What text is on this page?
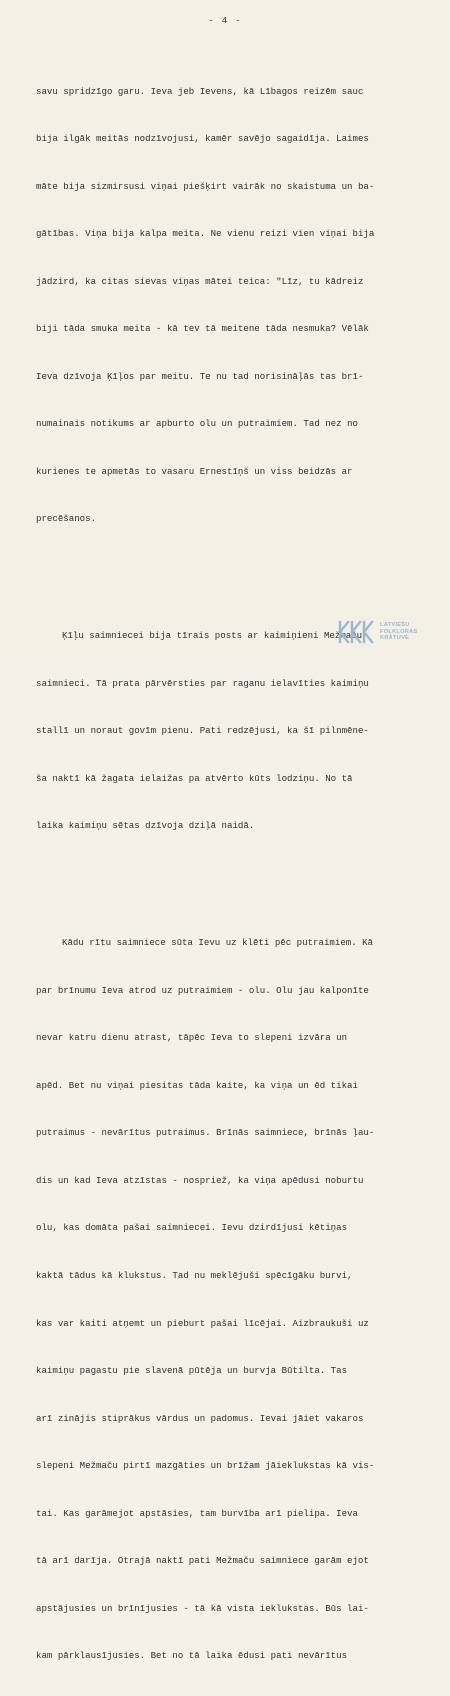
- 4 -

savu spridzīgo garu. Ieva jeb Ievens, kā Lībagos reizēm sauc

bija ilgāk meitās nodzīvojusi, kamēr savējo sagaidīja. Laimes

māte bija sizmirsusi viņai piešķirt vairāk no skaistuma un ba-

gātības. Viņa bija kalpa meita. Ne vienu reizi vien viņai bija

jādzird, ka citas sievas viņas mātei teica: "Līz, tu kādreiz

biji tāda smuka meita - kā tev tā meitene tāda nesmuka? Vēlāk

Ieva dzīvoja Ķīļos par meitu. Te nu tad norisināļās tas brī-

numainais notikums ar apburto olu un putraimiem. Tad nez no

kurienes te apmetās to vasaru Ernestīņš un viss beidzās ar

precēšanos.

Ķīļu saimniecei bija tīrais posts ar kaimiņieni Mežmaču

saimnieci. Tā prata pārvērsties par raganu ielavīties kaimiņu

stallī un noraut govīm pienu. Pati redzējusi, ka šī pilnmēne-

ša naktī kā žagata ielaižas pa atvērto kūts lodziņu. No tā

laika kaimiņu sētas dzīvoja dziļā naidā.

Kādu rītu saimniece sūta Ievu uz klēti pēc putraimiem. Kā

par brīnumu Ieva atrod uz putraimiem - olu. Olu jau kalponīte

nevar katru dienu atrast, tāpēc Ieva to slepeni izvāra un

apēd. Bet nu viņai piesitas tāda kaite, ka viņa un ēd tikai

putraimus - nevārītus putraimus. Brīnās saimniece, brīnās ļau-

dis un kad Ieva atzīstas - nospriež, ka viņa apēdusi noburtu

olu, kas domāta pašai saimniecei. Ievu dzirdījusi kētiņas

kaktā tādus kā klukstus. Tad nu meklējuši spēcīgāku burvi,

kas var kaiti atņemt un pieburt pašai līcējai. Aizbraukuši uz

kaimiņu pagastu pie slavenā pūtēja un burvja Būtilta. Tas

arī zinājis stiprākus vārdus un padomus. Ievai jāiet vakaros

slepeni Mežmaču pirtī mazgāties un brīžam jāieklukstas kā vis-

tai. Kas garāmejot apstāsies, tam burvība arī pielipa. Ieva

tā arī darīja. Otrajā naktī pati Mežmaču saimniece garām ejot

apstājusies un brīnījusies - tā kā vista ieklukstas. Būs lai-

kam pārklausījusies. Bet no tā laika ēdusi pati nevārītus

LATVIEŠU
FOLKLORAS
KRĀTUVE
